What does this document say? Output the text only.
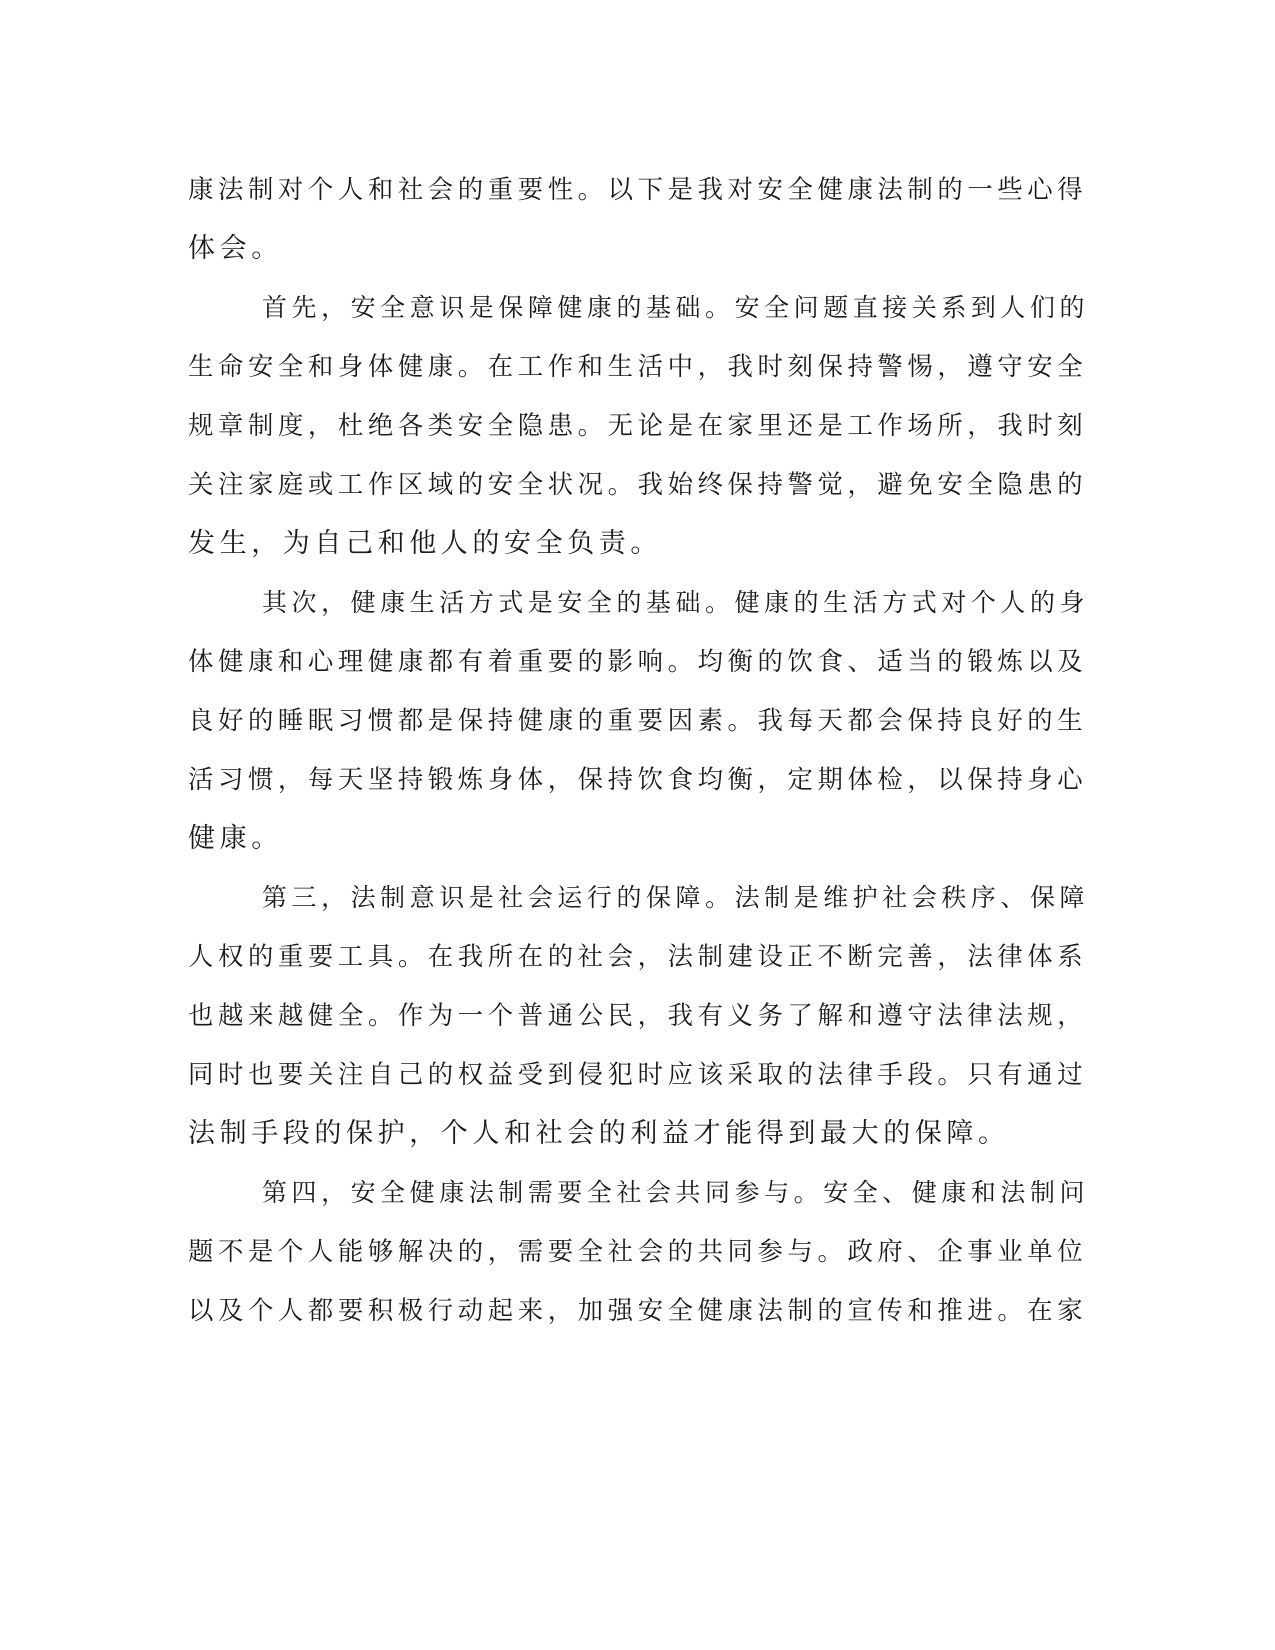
康法制对个人和社会的重要性。以下是我对安全健康法制的一些心得
体会。
首先，安全意识是保障健康的基础。安全问题直接关系到人们的
生命安全和身体健康。在工作和生活中，我时刻保持警惕，遵守安全
规章制度，杜绝各类安全隐患。无论是在家里还是工作场所，我时刻
关注家庭或工作区域的安全状况。我始终保持警觉，避免安全隐患的
发生，为自己和他人的安全负责。
其次，健康生活方式是安全的基础。健康的生活方式对个人的身
体健康和心理健康都有着重要的影响。均衡的饮食、适当的锻炼以及
良好的睡眠习惯都是保持健康的重要因素。我每天都会保持良好的生
活习惯，每天坚持锻炼身体，保持饮食均衡，定期体检，以保持身心
健康。
第三，法制意识是社会运行的保障。法制是维护社会秩序、保障
人权的重要工具。在我所在的社会，法制建设正不断完善，法律体系
也越来越健全。作为一个普通公民，我有义务了解和遵守法律法规，
同时也要关注自己的权益受到侵犯时应该采取的法律手段。只有通过
法制手段的保护，个人和社会的利益才能得到最大的保障。
第四，安全健康法制需要全社会共同参与。安全、健康和法制问
题不是个人能够解决的，需要全社会的共同参与。政府、企事业单位
以及个人都要积极行动起来，加强安全健康法制的宣传和推进。在家
